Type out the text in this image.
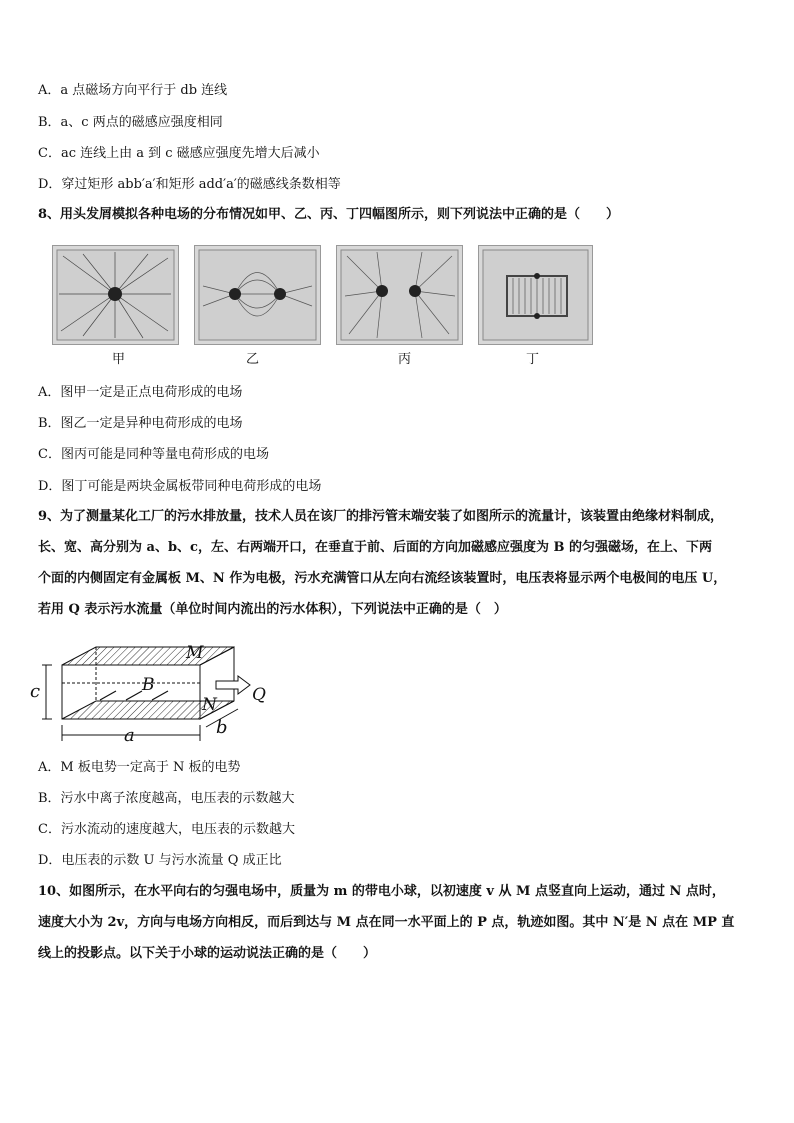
A．a 点磁场方向平行于 db 连线
B．a、c 两点的磁感应强度相同
C．ac 连线上由 a 到 c 磁感应强度先增大后减小
D．穿过矩形 abb′a′和矩形 add′a′的磁感线条数相等
8、用头发屑模拟各种电场的分布情况如甲、乙、丙、丁四幅图所示，则下列说法中正确的是（　　）
甲	乙	丙	丁
A．图甲一定是正点电荷形成的电场
B．图乙一定是异种电荷形成的电场
C．图丙可能是同种等量电荷形成的电场
D．图丁可能是两块金属板带同种电荷形成的电场
9、为了测量某化工厂的污水排放量，技术人员在该厂的排污管末端安装了如图所示的流量计，该装置由绝缘材料制成，
长、宽、高分别为 a、b、c，左、右两端开口，在垂直于前、后面的方向加磁感应强度为 B 的匀强磁场，在上、下两
个面的内侧固定有金属板 M、N 作为电极，污水充满管口从左向右流经该装置时，电压表将显示两个电极间的电压 U，
若用 Q 表示污水流量（单位时间内流出的污水体积），下列说法中正确的是（　）
M
N
B	Q
a	b
c
A．M 板电势一定高于 N 板的电势
B．污水中离子浓度越高，电压表的示数越大
C．污水流动的速度越大，电压表的示数越大
D．电压表的示数 U 与污水流量 Q 成正比
10、如图所示，在水平向右的匀强电场中，质量为 m 的带电小球，以初速度 v 从 M 点竖直向上运动，通过 N 点时，
速度大小为 2v，方向与电场方向相反，而后到达与 M 点在同一水平面上的 P 点，轨迹如图。其中 N′是 N 点在 MP 直
线上的投影点。以下关于小球的运动说法正确的是（　　）
